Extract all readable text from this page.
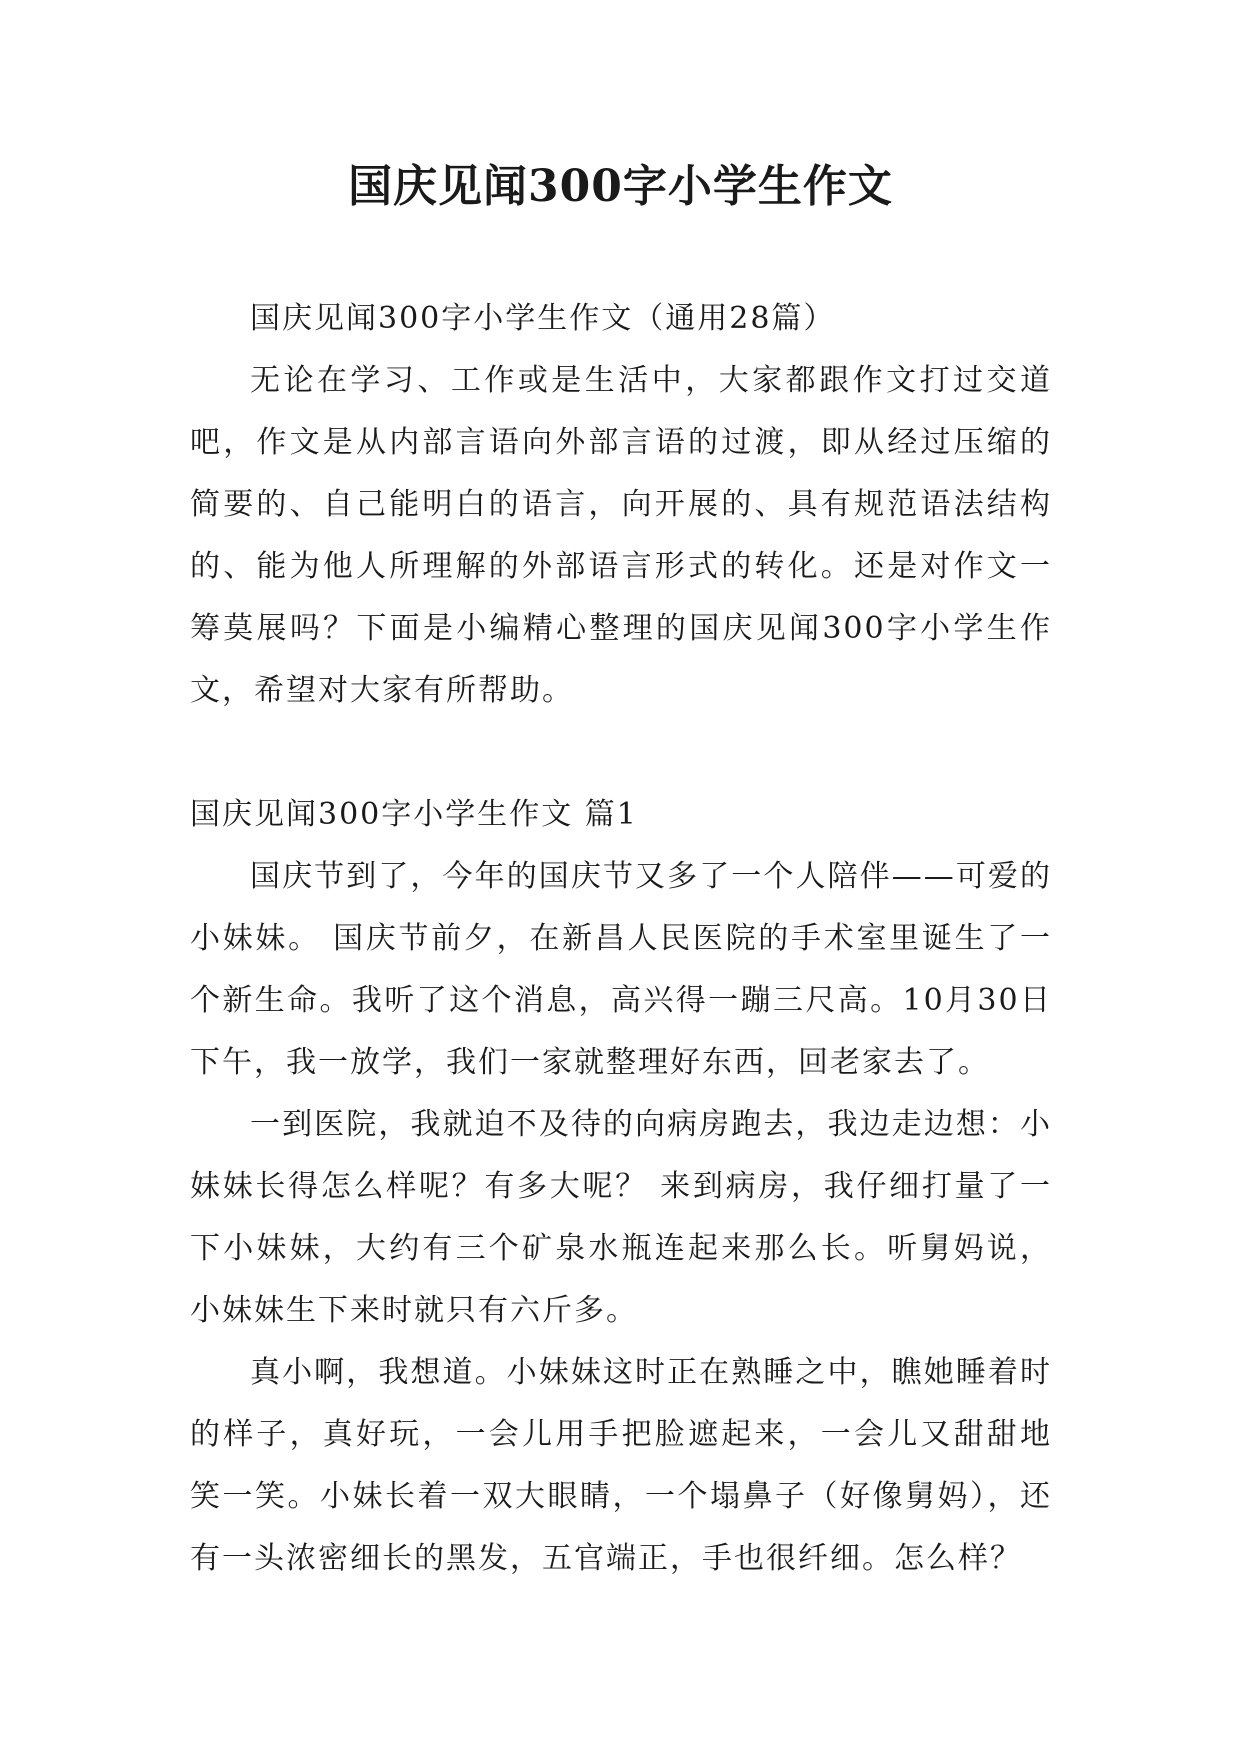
国庆见闻300字小学生作文

国庆见闻300字小学生作文（通用28篇）

无论在学习、工作或是生活中，大家都跟作文打过交道吧，作文是从内部言语向外部言语的过渡，即从经过压缩的简要的、自己能明白的语言，向开展的、具有规范语法结构的、能为他人所理解的外部语言形式的转化。还是对作文一筹莫展吗？下面是小编精心整理的国庆见闻300字小学生作文，希望对大家有所帮助。

国庆见闻300字小学生作文 篇1

国庆节到了，今年的国庆节又多了一个人陪伴——可爱的小妹妹。 国庆节前夕，在新昌人民医院的手术室里诞生了一个新生命。我听了这个消息，高兴得一蹦三尺高。10月30日下午，我一放学，我们一家就整理好东西，回老家去了。

一到医院，我就迫不及待的向病房跑去，我边走边想：小妹妹长得怎么样呢？有多大呢？ 来到病房，我仔细打量了一下小妹妹，大约有三个矿泉水瓶连起来那么长。听舅妈说，小妹妹生下来时就只有六斤多。

真小啊，我想道。小妹妹这时正在熟睡之中，瞧她睡着时的样子，真好玩，一会儿用手把脸遮起来，一会儿又甜甜地笑一笑。小妹长着一双大眼睛，一个塌鼻子（好像舅妈），还有一头浓密细长的黑发，五官端正，手也很纤细。怎么样？
